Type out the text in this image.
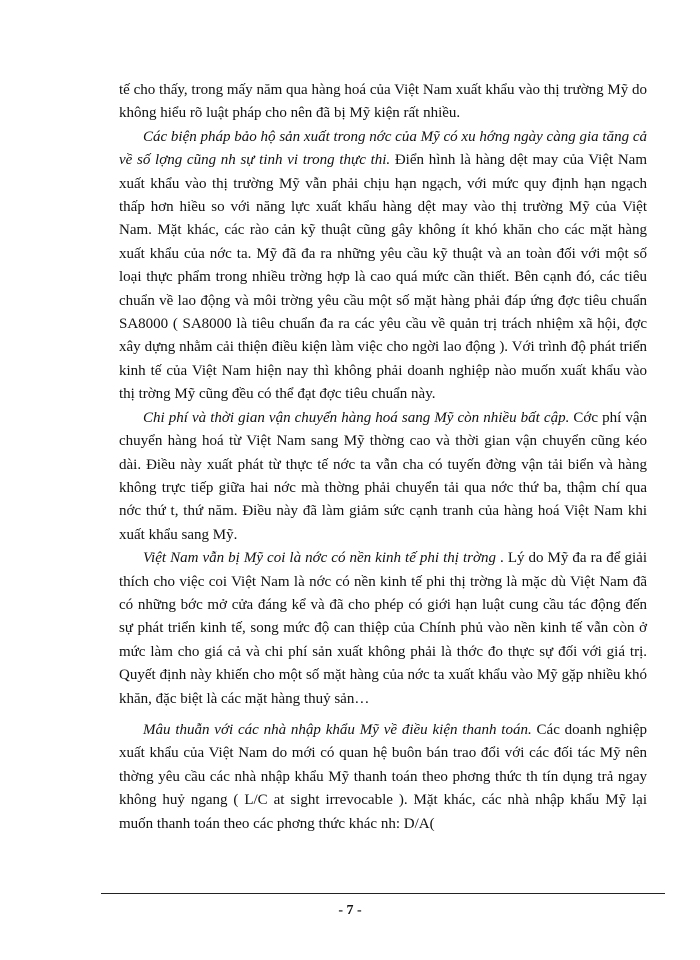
tế cho thấy, trong mấy năm qua hàng hoá của Việt Nam xuất khẩu vào thị trường Mỹ do không hiểu rõ luật pháp cho nên đã bị Mỹ kiện rất nhiều.

Các biện pháp bảo hộ sản xuất trong nớc của Mỹ có xu hớng ngày càng gia tăng cả về số lợng cũng nh sự tinh vi trong thực thi. Điển hình là hàng dệt may của Việt Nam xuất khẩu vào thị trường Mỹ vẫn phải chịu hạn ngạch, với mức quy định hạn ngạch thấp hơn hiều so với năng lực xuất khẩu hàng dệt may vào thị trường Mỹ của Việt Nam. Mặt khác, các rào cản kỹ thuật cũng gây không ít khó khăn cho các mặt hàng xuất khẩu của nớc ta. Mỹ đã đa ra những yêu cầu kỹ thuật và an toàn đối với một số loại thực phẩm trong nhiều trờng hợp là cao quá mức cần thiết. Bên cạnh đó, các tiêu chuẩn về lao động và môi trờng yêu cầu một số mặt hàng phải đáp ứng đợc tiêu chuẩn SA8000 ( SA8000 là tiêu chuẩn đa ra các yêu cầu về quản trị trách nhiệm xã hội, đợc xây dựng nhằm cải thiện điều kiện làm việc cho ngời lao động ). Với trình độ phát triển kinh tế của Việt Nam hiện nay thì không phải doanh nghiệp nào muốn xuất khẩu vào thị trờng Mỹ cũng đều có thể đạt đợc tiêu chuẩn này.

Chi phí và thời gian vận chuyển hàng hoá sang Mỹ còn nhiều bất cập. Cớc phí vận chuyển hàng hoá từ Việt Nam sang Mỹ thờng cao và thời gian vận chuyển cũng kéo dài. Điều này xuất phát từ thực tế nớc ta vẫn cha có tuyến đờng vận tải biển và hàng không trực tiếp giữa hai nớc mà thờng phải chuyển tải qua nớc thứ ba, thậm chí qua nớc thứ t, thứ năm. Điều này đã làm giảm sức cạnh tranh của hàng hoá Việt Nam khi xuất khẩu sang Mỹ.

Việt Nam vẫn bị Mỹ coi là nớc có nền kinh tế phi thị trờng . Lý do Mỹ đa ra để giải thích cho việc coi Việt Nam là nớc có nền kinh tế phi thị trờng là mặc dù Việt Nam đã có những bớc mở cửa đáng kể và đã cho phép có giới hạn luật cung cầu tác động đến sự phát triển kinh tế, song mức độ can thiệp của Chính phủ vào nền kinh tế vẫn còn ở mức làm cho giá cả và chi phí sản xuất không phải là thớc đo thực sự đối với giá trị. Quyết định này khiến cho một số mặt hàng của nớc ta xuất khẩu vào Mỹ gặp nhiều khó khăn, đặc biệt là các mặt hàng thuỷ sản…

Mâu thuẫn với các nhà nhập khẩu Mỹ về điều kiện thanh toán. Các doanh nghiệp xuất khẩu của Việt Nam do mới có quan hệ buôn bán trao đổi với các đối tác Mỹ nên thờng yêu cầu các nhà nhập khẩu Mỹ thanh toán theo phơng thức th tín dụng trả ngay không huỷ ngang ( L/C at sight irrevocable ). Mặt khác, các nhà nhập khẩu Mỹ lại muốn thanh toán theo các phơng thức khác nh: D/A(

- 7 -
